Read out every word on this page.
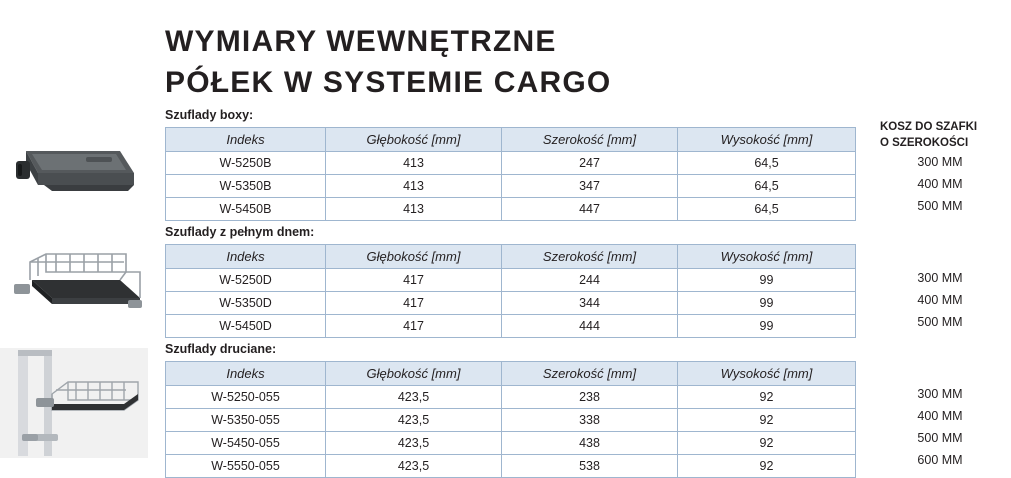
WYMIARY WEWNĘTRZNE
PÓŁEK W SYSTEMIE CARGO
KOSZ DO SZAFKI
O SZEROKOŚCI
Szuflady boxy:
Indeks	Głębokość [mm]	Szerokość [mm]	Wysokość [mm]
W-5250B	413	247	64,5
W-5350B	413	347	64,5
W-5450B	413	447	64,5
300 MM
400 MM
500 MM
Szuflady z pełnym dnem:
Indeks	Głębokość [mm]	Szerokość [mm]	Wysokość [mm]
W-5250D	417	244	99
W-5350D	417	344	99
W-5450D	417	444	99
300 MM
400 MM
500 MM
Szuflady druciane:
Indeks	Głębokość [mm]	Szerokość [mm]	Wysokość [mm]
W-5250-055	423,5	238	92
W-5350-055	423,5	338	92
W-5450-055	423,5	438	92
W-5550-055	423,5	538	92
300 MM
400 MM
500 MM
600 MM
